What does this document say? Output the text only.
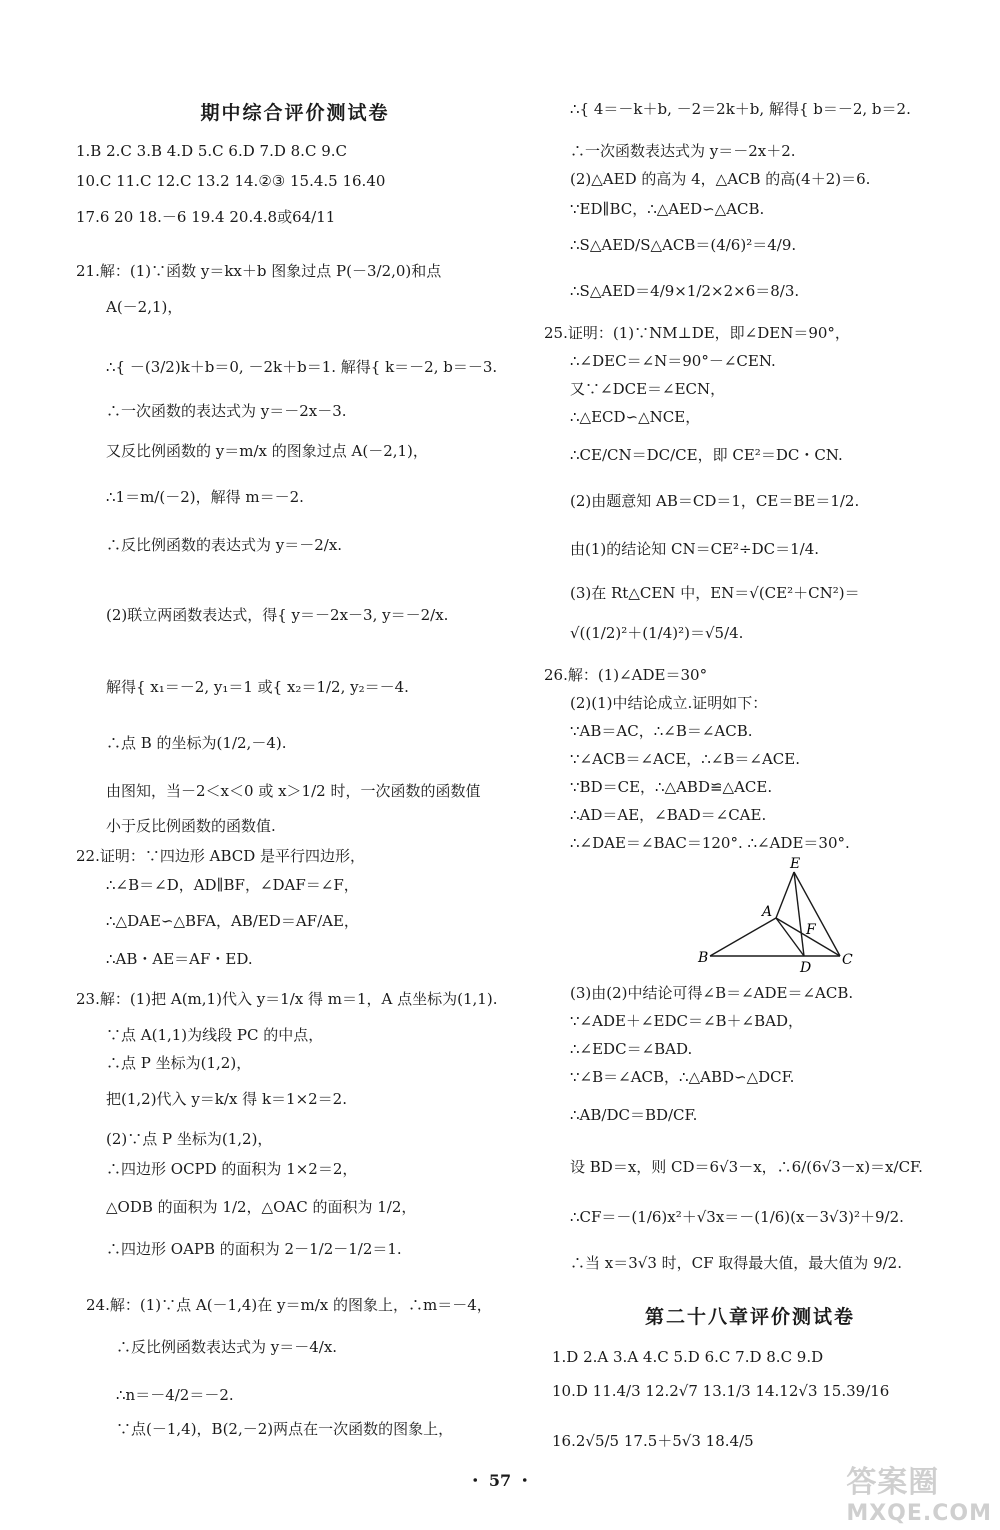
期中综合评价测试卷
1.B 2.C 3.B 4.D 5.C 6.D 7.D 8.C 9.C
10.C 11.C 12.C 13.2 14.②③ 15.4.5 16.40
17.6 20 18.－6 19.4 20.4.8或64/11
21.解：(1)∵函数 y＝kx＋b 图象过点 P(－3/2,0)和点
A(－2,1)，
∴{ －(3/2)k＋b＝0, －2k＋b＝1. 解得{ k＝－2, b＝－3.
∴一次函数的表达式为 y＝－2x－3.
又反比例函数的 y＝m/x 的图象过点 A(－2,1)，
∴1＝m/(－2)，解得 m＝－2.
∴反比例函数的表达式为 y＝－2/x.
(2)联立两函数表达式，得{ y＝－2x－3, y＝－2/x.
解得{ x₁＝－2, y₁＝1 或{ x₂＝1/2, y₂＝－4.
∴点 B 的坐标为(1/2,－4).
由图知，当－2＜x＜0 或 x＞1/2 时，一次函数的函数值
小于反比例函数的函数值.
22.证明：∵四边形 ABCD 是平行四边形，
∴∠B＝∠D，AD∥BF，∠DAF＝∠F，
∴△DAE∽△BFA，AB/ED＝AF/AE，
∴AB・AE＝AF・ED.
23.解：(1)把 A(m,1)代入 y＝1/x 得 m＝1，A 点坐标为(1,1).
∵点 A(1,1)为线段 PC 的中点，
∴点 P 坐标为(1,2)，
把(1,2)代入 y＝k/x 得 k＝1×2＝2.
(2)∵点 P 坐标为(1,2)，
∴四边形 OCPD 的面积为 1×2＝2，
△ODB 的面积为 1/2，△OAC 的面积为 1/2，
∴四边形 OAPB 的面积为 2－1/2－1/2＝1.
24.解：(1)∵点 A(－1,4)在 y＝m/x 的图象上，∴m＝－4，
∴反比例函数表达式为 y＝－4/x.
∴n＝－4/2＝－2.
∵点(－1,4)，B(2,－2)两点在一次函数的图象上，
∴{ 4＝－k＋b, －2＝2k＋b, 解得{ b＝－2, b＝2.
∴一次函数表达式为 y＝－2x＋2.
(2)△AED 的高为 4，△ACB 的高(4＋2)＝6.
∵ED∥BC，∴△AED∽△ACB.
∴S△AED/S△ACB＝(4/6)²＝4/9.
∴S△AED＝4/9×1/2×2×6＝8/3.
25.证明：(1)∵NM⊥DE，即∠DEN＝90°，
∴∠DEC＝∠N＝90°－∠CEN.
又∵∠DCE＝∠ECN，
∴△ECD∽△NCE，
∴CE/CN＝DC/CE，即 CE²＝DC・CN.
(2)由题意知 AB＝CD＝1，CE＝BE＝1/2.
由(1)的结论知 CN＝CE²÷DC＝1/4.
(3)在 Rt△CEN 中，EN＝√(CE²＋CN²)＝
√((1/2)²＋(1/4)²)＝√5/4.
26.解：(1)∠ADE＝30°
(2)(1)中结论成立.证明如下：
∵AB＝AC，∴∠B＝∠ACB.
∵∠ACB＝∠ACE，∴∠B＝∠ACE.
∵BD＝CE，∴△ABD≌△ACE.
∴AD＝AE，∠BAD＝∠CAE.
∴∠DAE＝∠BAC＝120°. ∴∠ADE＝30°.
E
A
F
B
D C
(3)由(2)中结论可得∠B＝∠ADE＝∠ACB.
∵∠ADE＋∠EDC＝∠B＋∠BAD，
∴∠EDC＝∠BAD.
∵∠B＝∠ACB，∴△ABD∽△DCF.
∴AB/DC＝BD/CF.
设 BD＝x，则 CD＝6√3－x，∴6/(6√3－x)＝x/CF.
∴CF＝－(1/6)x²＋√3x＝－(1/6)(x－3√3)²＋9/2.
∴当 x＝3√3 时，CF 取得最大值，最大值为 9/2.
第二十八章评价测试卷
1.D 2.A 3.A 4.C 5.D 6.C 7.D 8.C 9.D
10.D 11.4/3 12.2√7 13.1/3 14.12√3 15.39/16
16.2√5/5 17.5＋5√3 18.4/5
・ 57 ・	答案圈
MXQE.COM
